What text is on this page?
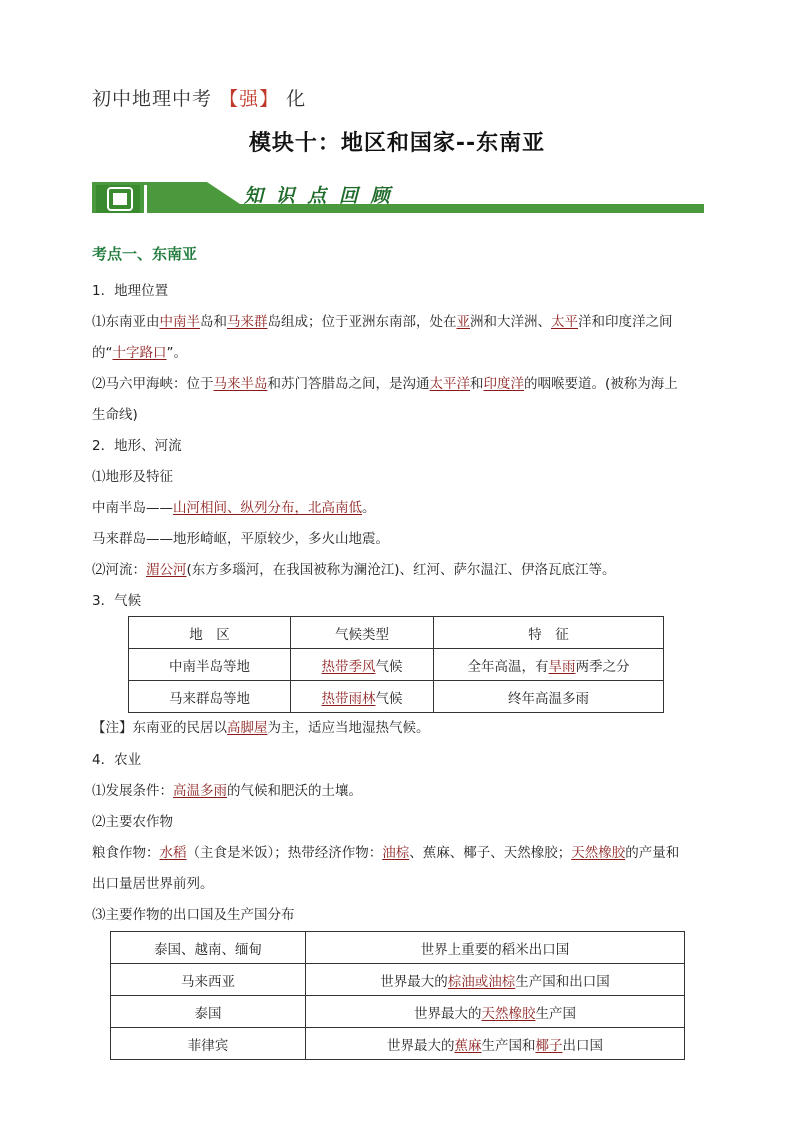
初中地理中考 【强】 化
模块十：地区和国家--东南亚
知 识 点 回 顾
考点一、东南亚
1．地理位置
⑴东南亚由中南半岛和马来群岛组成；位于亚洲东南部，处在亚洲和大洋洲、太平洋和印度洋之间
的“十字路口”。
⑵马六甲海峡：位于马来半岛和苏门答腊岛之间，是沟通太平洋和印度洋的咽喉要道。(被称为海上
生命线)
2．地形、河流
⑴地形及特征
中南半岛——山河相间、纵列分布，北高南低。
马来群岛——地形崎岖，平原较少，多火山地震。
⑵河流：湄公河(东方多瑙河，在我国被称为澜沧江)、红河、萨尔温江、伊洛瓦底江等。
3．气候
地　区	气候类型	特　征
中南半岛等地	热带季风气候	全年高温，有旱雨两季之分
马来群岛等地	热带雨林气候	终年高温多雨
【注】东南亚的民居以高脚屋为主，适应当地湿热气候。
4．农业
⑴发展条件：高温多雨的气候和肥沃的土壤。
⑵主要农作物
粮食作物：水稻（主食是米饭）；热带经济作物：油棕、蕉麻、椰子、天然橡胶；天然橡胶的产量和
出口量居世界前列。
⑶主要作物的出口国及生产国分布
泰国、越南、缅甸	世界上重要的稻米出口国
马来西亚	世界最大的棕油或油棕生产国和出口国
泰国	世界最大的天然橡胶生产国
菲律宾	世界最大的蕉麻生产国和椰子出口国
